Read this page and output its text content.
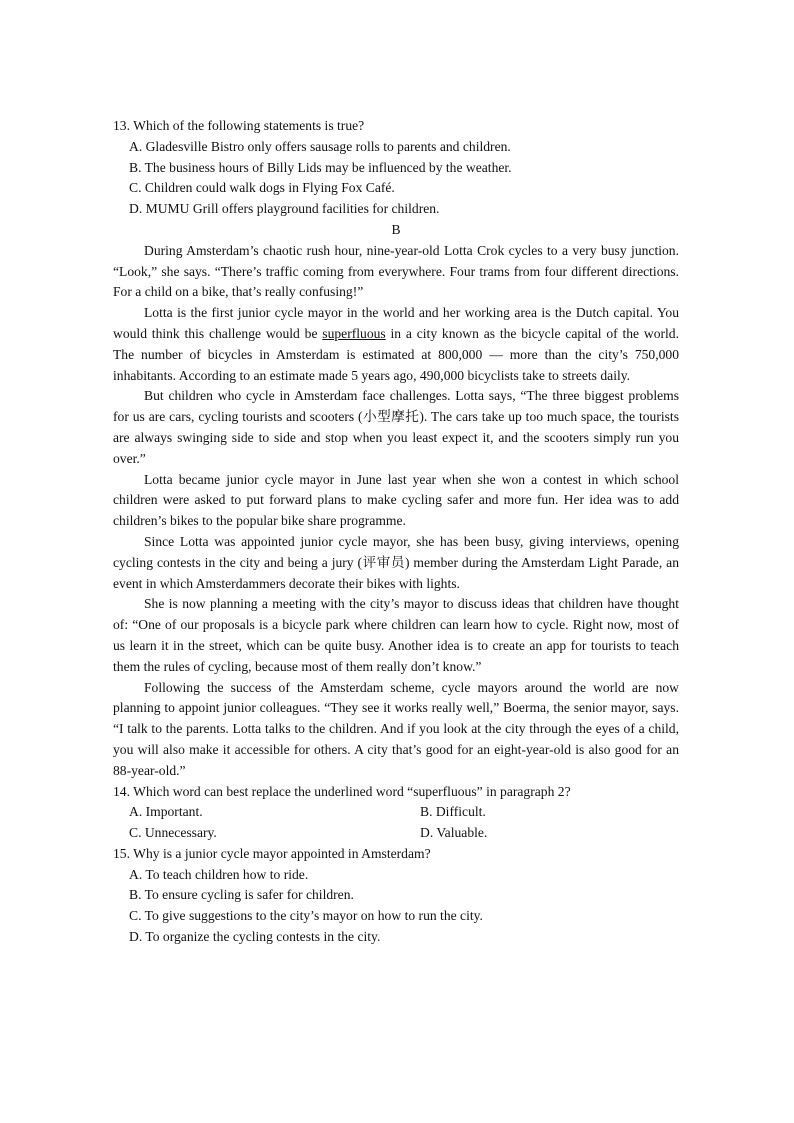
13. Which of the following statements is true?
A. Gladesville Bistro only offers sausage rolls to parents and children.
B. The business hours of Billy Lids may be influenced by the weather.
C. Children could walk dogs in Flying Fox Café.
D. MUMU Grill offers playground facilities for children.
B

During Amsterdam’s chaotic rush hour, nine-year-old Lotta Crok cycles to a very busy junction. “Look,” she says. “There’s traffic coming from everywhere. Four trams from four different directions. For a child on a bike, that’s really confusing!”

Lotta is the first junior cycle mayor in the world and her working area is the Dutch capital. You would think this challenge would be superfluous in a city known as the bicycle capital of the world. The number of bicycles in Amsterdam is estimated at 800,000 — more than the city’s 750,000 inhabitants. According to an estimate made 5 years ago, 490,000 bicyclists take to streets daily.

But children who cycle in Amsterdam face challenges. Lotta says, “The three biggest problems for us are cars, cycling tourists and scooters (小型摩托). The cars take up too much space, the tourists are always swinging side to side and stop when you least expect it, and the scooters simply run you over.”

Lotta became junior cycle mayor in June last year when she won a contest in which school children were asked to put forward plans to make cycling safer and more fun. Her idea was to add children’s bikes to the popular bike share programme.

Since Lotta was appointed junior cycle mayor, she has been busy, giving interviews, opening cycling contests in the city and being a jury (评审员) member during the Amsterdam Light Parade, an event in which Amsterdammers decorate their bikes with lights.

She is now planning a meeting with the city’s mayor to discuss ideas that children have thought of: “One of our proposals is a bicycle park where children can learn how to cycle. Right now, most of us learn it in the street, which can be quite busy. Another idea is to create an app for tourists to teach them the rules of cycling, because most of them really don’t know.”

Following the success of the Amsterdam scheme, cycle mayors around the world are now planning to appoint junior colleagues. “They see it works really well,” Boerma, the senior mayor, says. “I talk to the parents. Lotta talks to the children. And if you look at the city through the eyes of a child, you will also make it accessible for others. A city that’s good for an eight-year-old is also good for an 88-year-old.”

14. Which word can best replace the underlined word “superfluous” in paragraph 2?
A. Important.	B. Difficult.
C. Unnecessary.	D. Valuable.
15. Why is a junior cycle mayor appointed in Amsterdam?
A. To teach children how to ride.
B. To ensure cycling is safer for children.
C. To give suggestions to the city’s mayor on how to run the city.
D. To organize the cycling contests in the city.
